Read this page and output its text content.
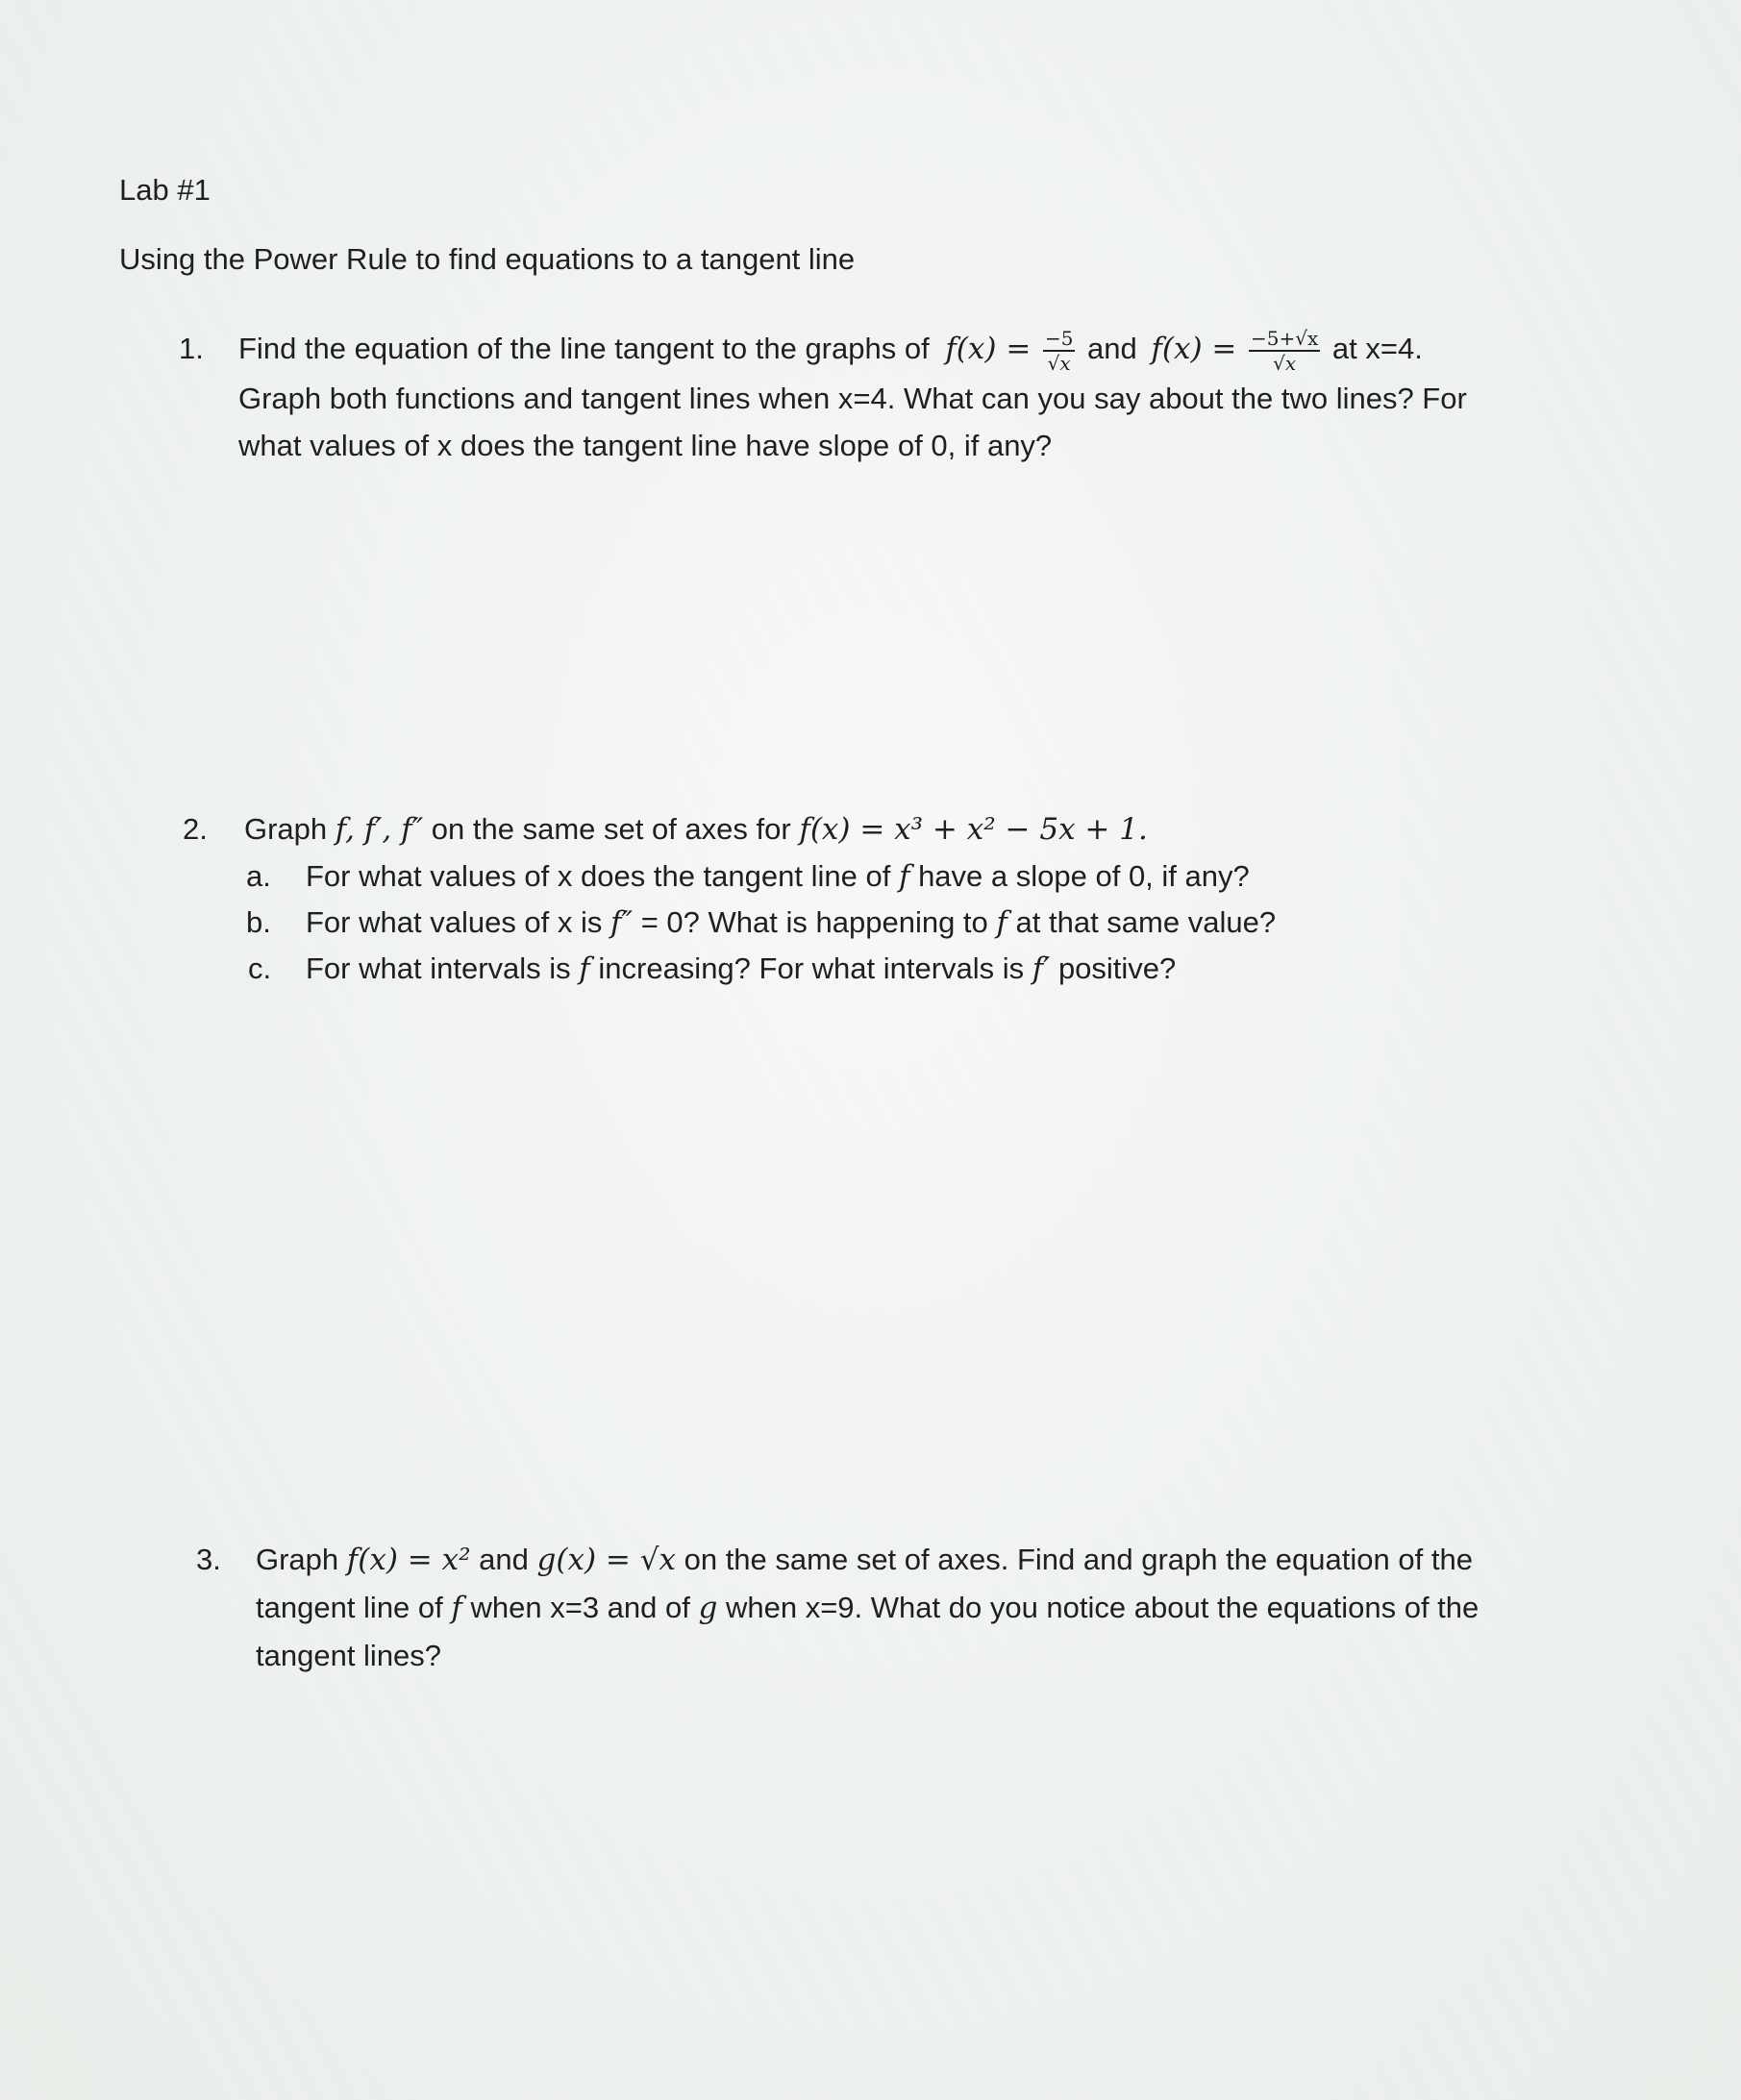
Lab #1
Using the Power Rule to find equations to a tangent line
1.	Find the equation of the line tangent to the graphs of $f(x) = \frac{-5}{√x}$ and $f(x) = \frac{-5+√x}{√x}$ at x=4.
Graph both functions and tangent lines when x=4. What can you say about the two lines? For
what values of x does the tangent line have slope of 0, if any?
2.	Graph f, f′, f″ on the same set of axes for f(x) = x³ + x² − 5x + 1.
a.	For what values of x does the tangent line of f have a slope of 0, if any?
b.	For what values of x is f″ = 0? What is happening to f at that same value?
c.	For what intervals is f increasing? For what intervals is f′ positive?
3.	Graph f(x) = x² and g(x) = √x on the same set of axes. Find and graph the equation of the
tangent line of f when x=3 and of g when x=9. What do you notice about the equations of the
tangent lines?
